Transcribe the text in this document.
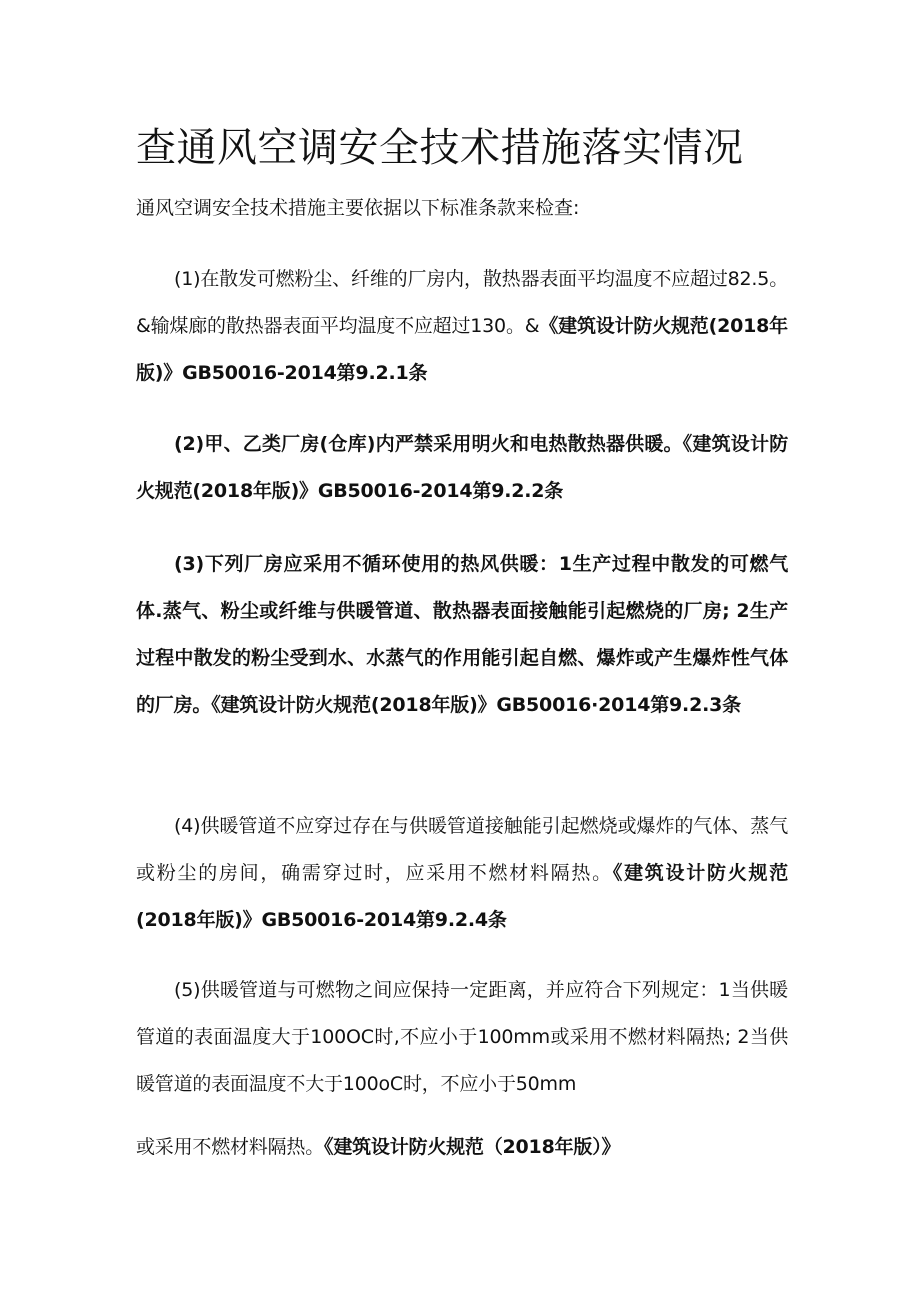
查通风空调安全技术措施落实情况

通风空调安全技术措施主要依据以下标准条款来检查:

(1)在散发可燃粉尘、纤维的厂房内，散热器表面平均温度不应超过82.5。&输煤廊的散热器表面平均温度不应超过130。&《建筑设计防火规范(2018年版)》GB50016-2014第9.2.1条

(2)甲、乙类厂房(仓库)内严禁采用明火和电热散热器供暖。《建筑设计防火规范(2018年版)》GB50016-2014第9.2.2条

(3)下列厂房应采用不循环使用的热风供暖：1生产过程中散发的可燃气体.蒸气、粉尘或纤维与供暖管道、散热器表面接触能引起燃烧的厂房; 2生产过程中散发的粉尘受到水、水蒸气的作用能引起自燃、爆炸或产生爆炸性气体的厂房。《建筑设计防火规范(2018年版)》GB50016·2014第9.2.3条

(4)供暖管道不应穿过存在与供暖管道接触能引起燃烧或爆炸的气体、蒸气或粉尘的房间，确需穿过时，应采用不燃材料隔热。《建筑设计防火规范(2018年版)》GB50016-2014第9.2.4条

(5)供暖管道与可燃物之间应保持一定距离，并应符合下列规定：1当供暖管道的表面温度大于100OC时,不应小于100mm或采用不燃材料隔热; 2当供暖管道的表面温度不大于100oC时，不应小于50mm

或采用不燃材料隔热。《建筑设计防火规范（2018年版）》
